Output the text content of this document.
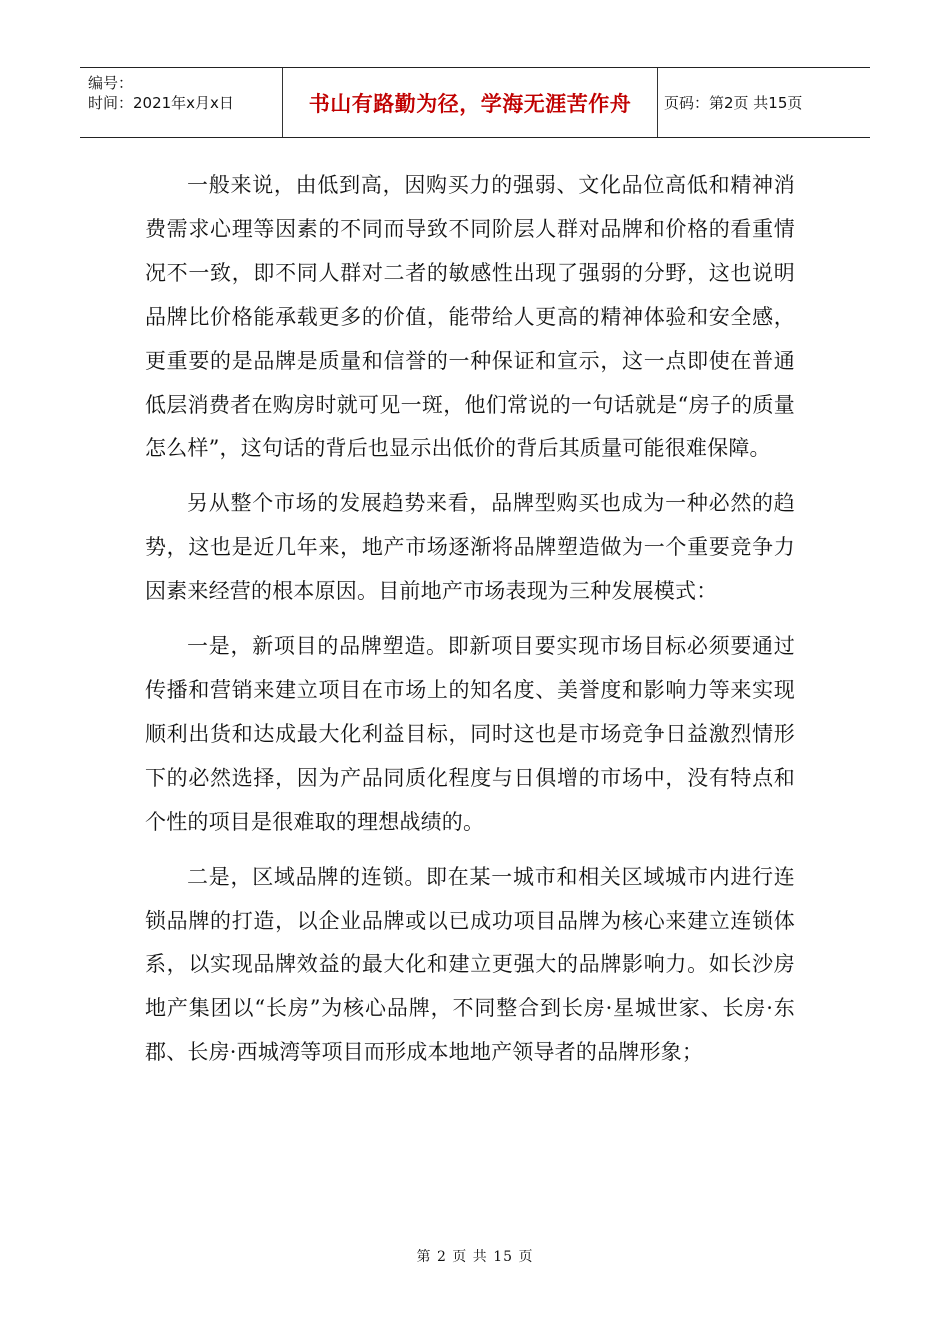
编号：
时间：2021年x月x日	书山有路勤为径，学海无涯苦作舟 页码：第2页 共15页

一般来说，由低到高，因购买力的强弱、文化品位高低和精神消费需求心理等因素的不同而导致不同阶层人群对品牌和价格的看重情况不一致，即不同人群对二者的敏感性出现了强弱的分野，这也说明品牌比价格能承载更多的价值，能带给人更高的精神体验和安全感，更重要的是品牌是质量和信誉的一种保证和宣示，这一点即使在普通低层消费者在购房时就可见一斑，他们常说的一句话就是“房子的质量怎么样”，这句话的背后也显示出低价的背后其质量可能很难保障。

另从整个市场的发展趋势来看，品牌型购买也成为一种必然的趋势，这也是近几年来，地产市场逐渐将品牌塑造做为一个重要竞争力因素来经营的根本原因。目前地产市场表现为三种发展模式：

一是，新项目的品牌塑造。即新项目要实现市场目标必须要通过传播和营销来建立项目在市场上的知名度、美誉度和影响力等来实现顺利出货和达成最大化利益目标，同时这也是市场竞争日益激烈情形下的必然选择，因为产品同质化程度与日俱增的市场中，没有特点和个性的项目是很难取的理想战绩的。

二是，区域品牌的连锁。即在某一城市和相关区域城市内进行连锁品牌的打造，以企业品牌或以已成功项目品牌为核心来建立连锁体系，以实现品牌效益的最大化和建立更强大的品牌影响力。如长沙房地产集团以“长房”为核心品牌，不同整合到长房·星城世家、长房·东郡、长房·西城湾等项目而形成本地地产领导者的品牌形象；

第 2 页 共 15 页
